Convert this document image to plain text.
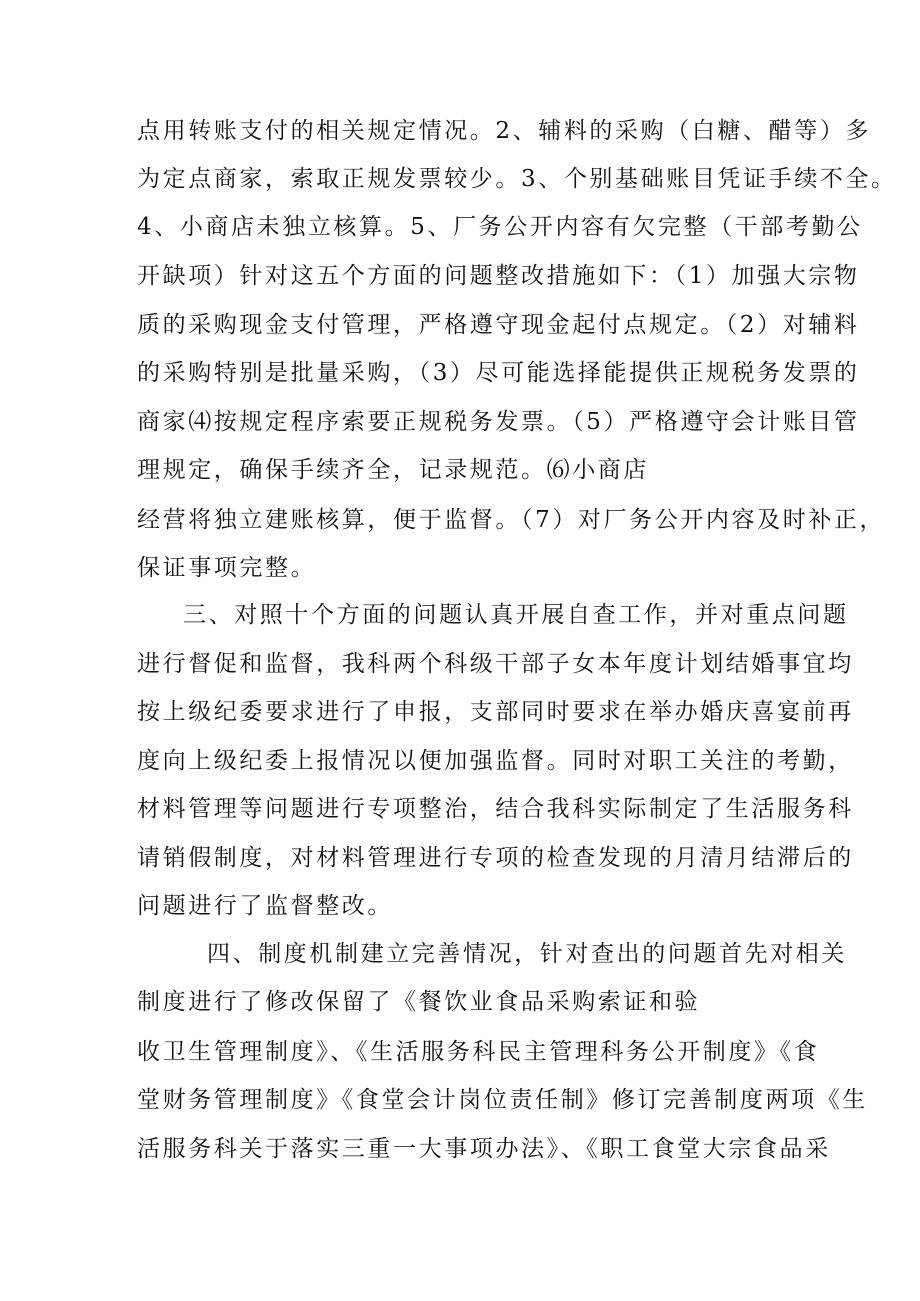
点用转账支付的相关规定情况。2、辅料的采购（白糖、醋等）多
为定点商家，索取正规发票较少。3、个别基础账目凭证手续不全。
4、小商店未独立核算。5、厂务公开内容有欠完整（干部考勤公
开缺项）针对这五个方面的问题整改措施如下：（1）加强大宗物
质的采购现金支付管理，严格遵守现金起付点规定。（2）对辅料
的采购特别是批量采购，（3）尽可能选择能提供正规税务发票的
商家⑷按规定程序索要正规税务发票。（5）严格遵守会计账目管
理规定，确保手续齐全，记录规范。⑹小商店
经营将独立建账核算，便于监督。（7）对厂务公开内容及时补正，
保证事项完整。
三、对照十个方面的问题认真开展自查工作，并对重点问题
进行督促和监督，我科两个科级干部子女本年度计划结婚事宜均
按上级纪委要求进行了申报，支部同时要求在举办婚庆喜宴前再
度向上级纪委上报情况以便加强监督。同时对职工关注的考勤，
材料管理等问题进行专项整治，结合我科实际制定了生活服务科
请销假制度，对材料管理进行专项的检查发现的月清月结滞后的
问题进行了监督整改。
四、制度机制建立完善情况，针对查出的问题首先对相关
制度进行了修改保留了《餐饮业食品采购索证和验
收卫生管理制度》、《生活服务科民主管理科务公开制度》《食
堂财务管理制度》《食堂会计岗位责任制》修订完善制度两项《生
活服务科关于落实三重一大事项办法》、《职工食堂大宗食品采
